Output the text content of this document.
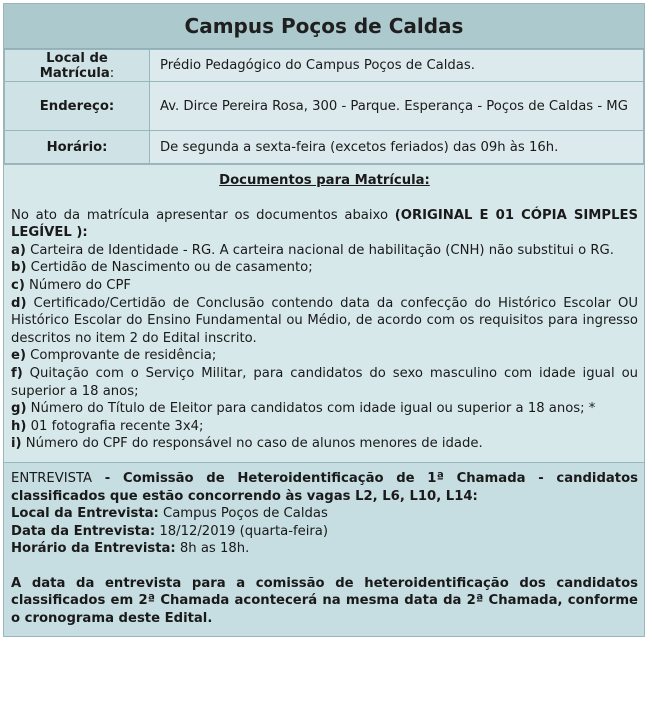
Campus Poços de Caldas
Local de Matrícula:	Prédio Pedagógico do Campus Poços de Caldas.
Endereço:	Av. Dirce Pereira Rosa, 300 - Parque. Esperança - Poços de Caldas - MG
Horário:	De segunda a sexta-feira (excetos feriados) das 09h às 16h.
Documentos para Matrícula:
No ato da matrícula apresentar os documentos abaixo (ORIGINAL E 01 CÓPIA SIMPLES LEGÍVEL ):
a) Carteira de Identidade - RG. A carteira nacional de habilitação (CNH) não substitui o RG.
b) Certidão de Nascimento ou de casamento;
c) Número do CPF
d) Certificado/Certidão de Conclusão contendo data da confecção do Histórico Escolar OU Histórico Escolar do Ensino Fundamental ou Médio, de acordo com os requisitos para ingresso descritos no item 2 do Edital inscrito.
e) Comprovante de residência;
f) Quitação com o Serviço Militar, para candidatos do sexo masculino com idade igual ou superior a 18 anos;
g) Número do Título de Eleitor para candidatos com idade igual ou superior a 18 anos; *
h) 01 fotografia recente 3x4;
i) Número do CPF do responsável no caso de alunos menores de idade.
ENTREVISTA - Comissão de Heteroidentificação de 1ª Chamada - candidatos classificados que estão concorrendo às vagas L2, L6, L10, L14:
Local da Entrevista: Campus Poços de Caldas
Data da Entrevista: 18/12/2019 (quarta-feira)
Horário da Entrevista: 8h as 18h.
A data da entrevista para a comissão de heteroidentificação dos candidatos classificados em 2ª Chamada acontecerá na mesma data da 2ª Chamada, conforme o cronograma deste Edital.
